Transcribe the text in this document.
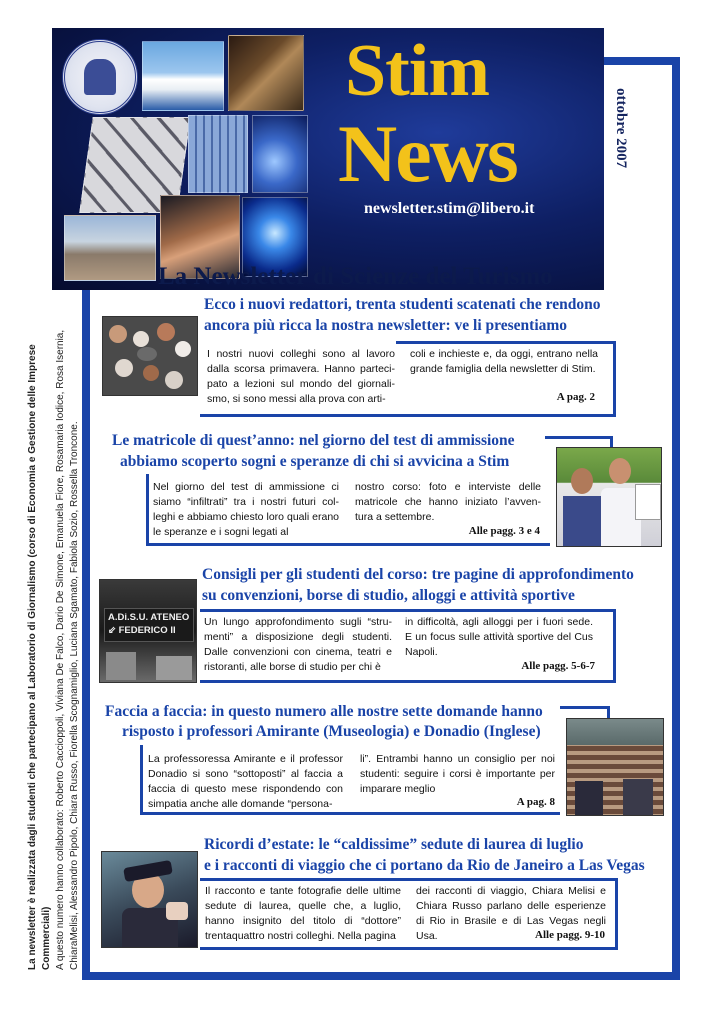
Stim
News
newsletter.stim@libero.it
ottobre 2007
La Newsletter di Scienze del Turismo
La newsletter è realizzata dagli studenti che partecipano al Laboratorio di Giornalismo (corso di Economia e Gestione delle Imprese Commerciali) A questo numero hanno collaborato: Roberto Caccioppoli, Viviana De Falco, Dario De Simone, Emanuela Fiore, Rosamaria Iodice, Rosa Isernia, ChiaraMelisi, Alessandro Pipolo, Chiara Russo, Fiorella Scognamiglio, Luciana Sgamato, Fabiola Sozio, Rossella Troncone.
Ecco i nuovi redattori, trenta studenti scatenati che rendono
ancora più ricca la nostra newsletter: ve li presentiamo
I nostri nuovi colleghi sono al lavoro dalla scorsa primavera. Hanno parteci-pato a lezioni sul mondo del giornali-smo, si sono messi alla prova con arti-
coli e inchieste e, da oggi, entrano nella grande famiglia della newsletter di Stim.
A pag. 2
Le matricole di quest’anno: nel giorno del test di ammissione
abbiamo scoperto sogni e speranze di chi si avvicina a Stim
Nel giorno del test di ammissione ci siamo “infiltrati” tra i nostri futuri col-leghi e abbiamo chiesto loro quali erano le speranze e i sogni legati al
nostro corso: foto e interviste delle matricole che hanno iniziato l’avven-tura a settembre.
Alle pagg. 3 e 4
A.Di.S.U. ATENEO
⇙ FEDERICO II
Consigli per gli studenti del corso: tre pagine di approfondimento
su convenzioni, borse di studio, alloggi e attività sportive
Un lungo approfondimento sugli “stru-menti” a disposizione degli studenti. Dalle convenzioni con cinema, teatri e ristoranti, alle borse di studio per chi è
in difficoltà, agli alloggi per i fuori sede. E un focus sulle attività sportive del Cus Napoli.
Alle pagg. 5-6-7
Faccia a faccia: in questo numero alle nostre sette domande hanno
risposto i professori Amirante (Museologia) e Donadio (Inglese)
La professoressa Amirante e il professor Donadio si sono “sottoposti” al faccia a faccia di questo mese rispondendo con simpatia anche alle domande “persona-
li”. Entrambi hanno un consiglio per noi studenti: seguire i corsi è importante per imparare meglio
A pag. 8
Ricordi d’estate: le “caldissime” sedute di laurea di luglio
e i racconti di viaggio che ci portano da Rio de Janeiro a Las Vegas
Il racconto e tante fotografie delle ultime sedute di laurea, quelle che, a luglio, hanno insignito del titolo di “dottore” trentaquattro nostri colleghi. Nella pagina
dei racconti di viaggio, Chiara Melisi e Chiara Russo parlano delle esperienze di Rio in Brasile e di Las Vegas negli Usa.	Alle pagg. 9-10
